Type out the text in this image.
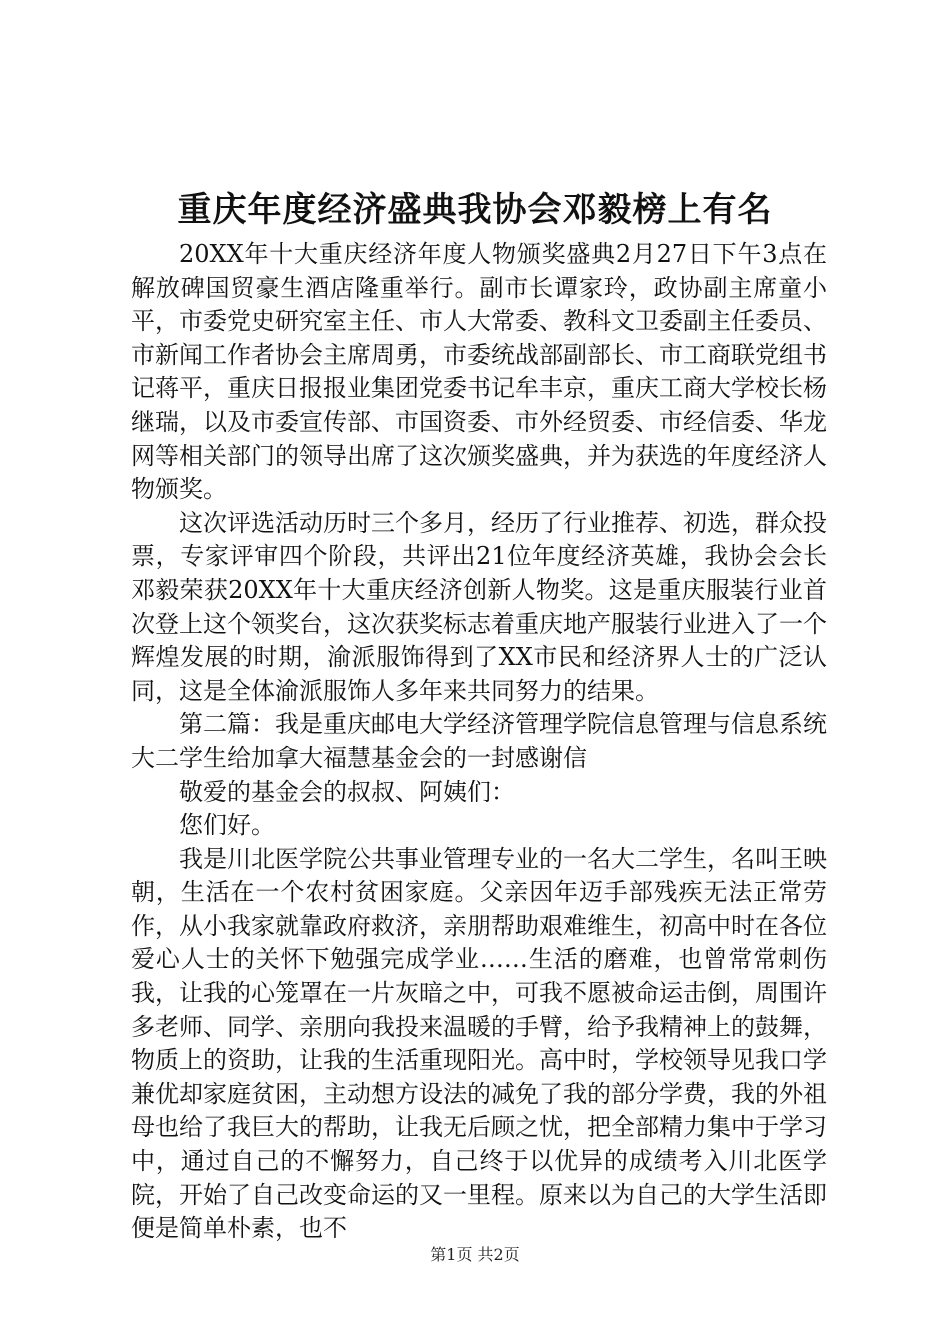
重庆年度经济盛典我协会邓毅榜上有名

20XX年十大重庆经济年度人物颁奖盛典2月27日下午3点在解放碑国贸豪生酒店隆重举行。副市长谭家玲，政协副主席童小平，市委党史研究室主任、市人大常委、教科文卫委副主任委员、市新闻工作者协会主席周勇，市委统战部副部长、市工商联党组书记蒋平，重庆日报报业集团党委书记牟丰京，重庆工商大学校长杨继瑞，以及市委宣传部、市国资委、市外经贸委、市经信委、华龙网等相关部门的领导出席了这次颁奖盛典，并为获选的年度经济人物颁奖。

这次评选活动历时三个多月，经历了行业推荐、初选，群众投票，专家评审四个阶段，共评出21位年度经济英雄，我协会会长邓毅荣获20XX年十大重庆经济创新人物奖。这是重庆服装行业首次登上这个领奖台，这次获奖标志着重庆地产服装行业进入了一个辉煌发展的时期，渝派服饰得到了XX市民和经济界人士的广泛认同，这是全体渝派服饰人多年来共同努力的结果。

第二篇：我是重庆邮电大学经济管理学院信息管理与信息系统大二学生给加拿大福慧基金会的一封感谢信

敬爱的基金会的叔叔、阿姨们：

您们好。

我是川北医学院公共事业管理专业的一名大二学生，名叫王映朝，生活在一个农村贫困家庭。父亲因年迈手部残疾无法正常劳作，从小我家就靠政府救济，亲朋帮助艰难维生，初高中时在各位爱心人士的关怀下勉强完成学业……生活的磨难，也曾常常刺伤我，让我的心笼罩在一片灰暗之中，可我不愿被命运击倒，周围许多老师、同学、亲朋向我投来温暖的手臂，给予我精神上的鼓舞，物质上的资助，让我的生活重现阳光。高中时，学校领导见我口学兼优却家庭贫困，主动想方设法的减免了我的部分学费，我的外祖母也给了我巨大的帮助，让我无后顾之忧，把全部精力集中于学习中，通过自己的不懈努力，自己终于以优异的成绩考入川北医学院，开始了自己改变命运的又一里程。原来以为自己的大学生活即便是简单朴素，也不

第1页 共2页
